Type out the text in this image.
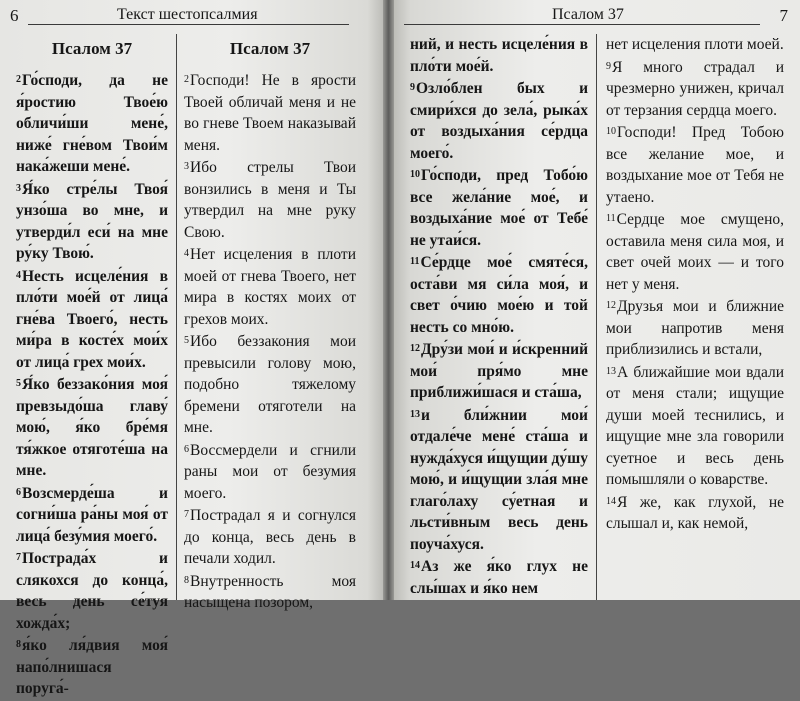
6	Текст шестопсалмия
Псалом 37
$^2$Го́споди, да не я́ростию Твое́ю обличи́ши мене́, ниже́ гне́вом Твои́м нака́жеши мене́.
$^3$Я́ко стре́лы Твоя́ унзо́ша во мне, и утверди́л еси́ на мне ру́ку Твою́.
$^4$Несть исцеле́ния в пло́ти мое́й от лица́ гне́ва Твоего́, несть ми́ра в косте́х мои́х от лица́ грех мои́х.
$^5$Я́ко беззако́ния моя́ превзыдо́ша главу́ мою́, я́ко бре́мя тя́жкое отяготе́ша на мне.
$^6$Возсмерде́ша и согни́ша ра́ны моя́ от лица́ безу́мия моего́.
$^7$Пострада́х и слякохся до конца́, весь день се́туя хожда́х;
$^8$я́ко ля́двия моя́ напо́лнишася поруга́-
Псалом 37
$^2$Господи! Не в ярости Твоей обличай меня и не во гневе Твоем наказывай меня.
$^3$Ибо стрелы Твои вонзились в меня и Ты утвердил на мне руку Свою.
$^4$Нет исцеления в плоти моей от гнева Твоего, нет мира в костях моих от грехов моих.
$^5$Ибо беззакония мои превысили голову мою, подобно тяжелому бремени отяготели на мне.
$^6$Воссмердели и сгнили раны мои от безумия моего.
$^7$Пострадал я и согнулся до конца, весь день в печали ходил.
$^8$Внутренность моя насыщена позором,
Псалом 37	7
ний, и несть исцеле́ния в пло́ти мое́й.
$^9$Озло́блен бых и смири́хся до зела́, рыка́х от воздыха́ния се́рдца моего́.
$^{10}$Го́споди, пред Тобо́ю все жела́ние мое́, и воздыха́ние мое́ от Тебе́ не утаи́ся.
$^{11}$Се́рдце мое́ смяте́ся, оста́ви мя си́ла моя́, и свет о́чию мое́ю и той несть со мно́ю.
$^{12}$Дру́зи мои́ и и́скренний мои́ пря́мо мне приближи́шася и ста́ша,
$^{13}$и бли́жнии мои́ отдале́че мене́ ста́ша и нужда́хуся и́щущии ду́шу мою́, и и́щущии зла́я мне глаго́лаху су́етная и льсти́вным весь день поуча́хуся.
$^{14}$Аз же я́ко глух не слы́шах и я́ко нем
нет исцеления плоти моей.
$^9$Я много страдал и чрезмерно унижен, кричал от терзания сердца моего.
$^{10}$Господи! Пред Тобою все желание мое, и воздыхание мое от Тебя не утаено.
$^{11}$Сердце мое смущено, оставила меня сила моя, и свет очей моих — и того нет у меня.
$^{12}$Друзья мои и ближние мои напротив меня приблизились и встали,
$^{13}$А ближайшие мои вдали от меня стали; ищущие души моей теснились, и ищущие мне зла говорили суетное и весь день помышляли о коварстве.
$^{14}$Я же, как глухой, не слышал и, как немой,
